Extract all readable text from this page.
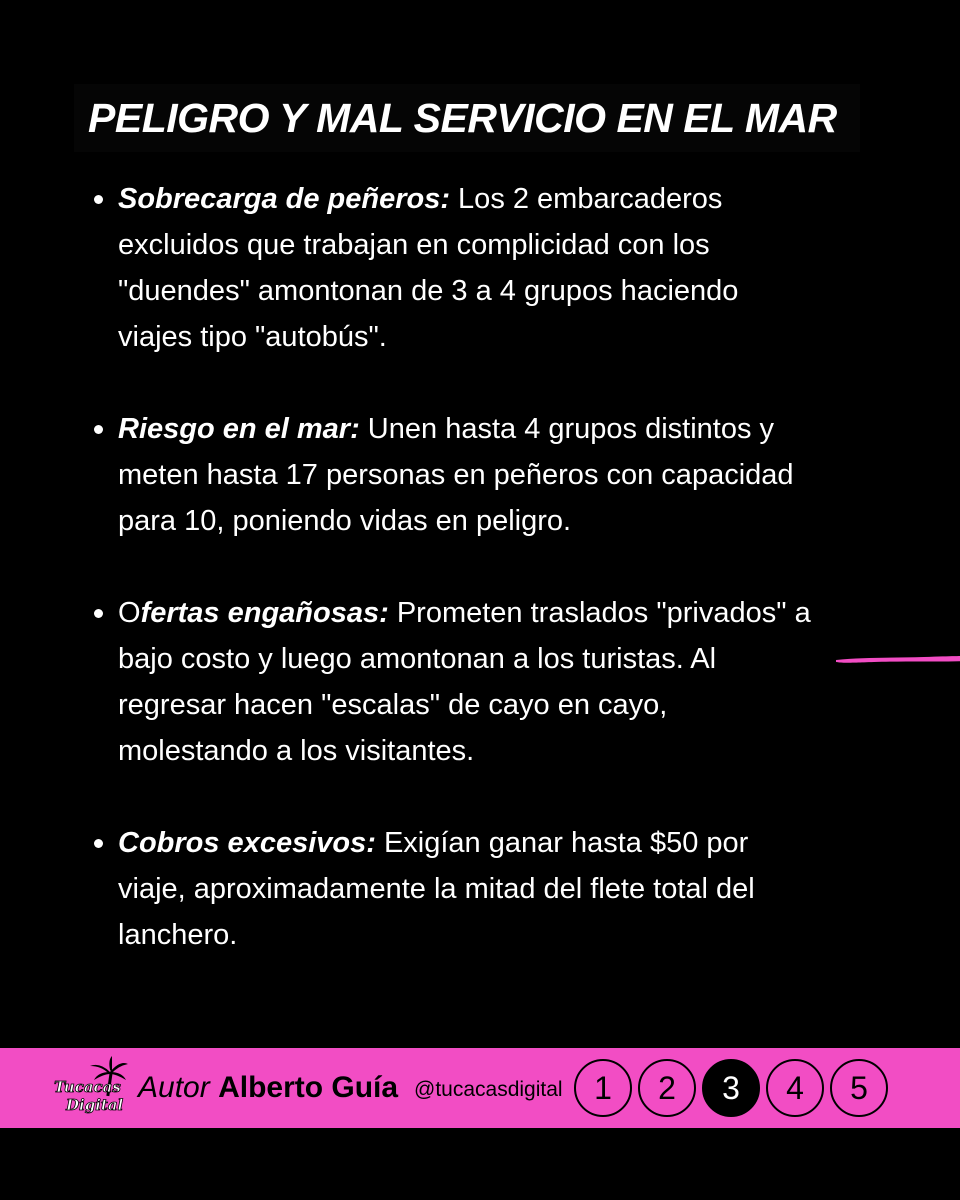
PELIGRO Y MAL SERVICIO EN EL MAR
Sobrecarga de peñeros: Los 2 embarcaderos excluidos que trabajan en complicidad con los "duendes" amontonan de 3 a 4 grupos haciendo viajes tipo "autobús".
Riesgo en el mar: Unen hasta 4 grupos distintos y meten hasta 17 personas en peñeros con capacidad para 10, poniendo vidas en peligro.
Ofertas engañosas: Prometen traslados "privados" a bajo costo y luego amontonan a los turistas. Al regresar hacen "escalas" de cayo en cayo, molestando a los visitantes.
Cobros excesivos: Exigían ganar hasta $50 por viaje, aproximadamente la mitad del flete total del lanchero.
Tucacas
Digital
Autor Alberto Guía @tucacasdigital 1	2	3	4	5
